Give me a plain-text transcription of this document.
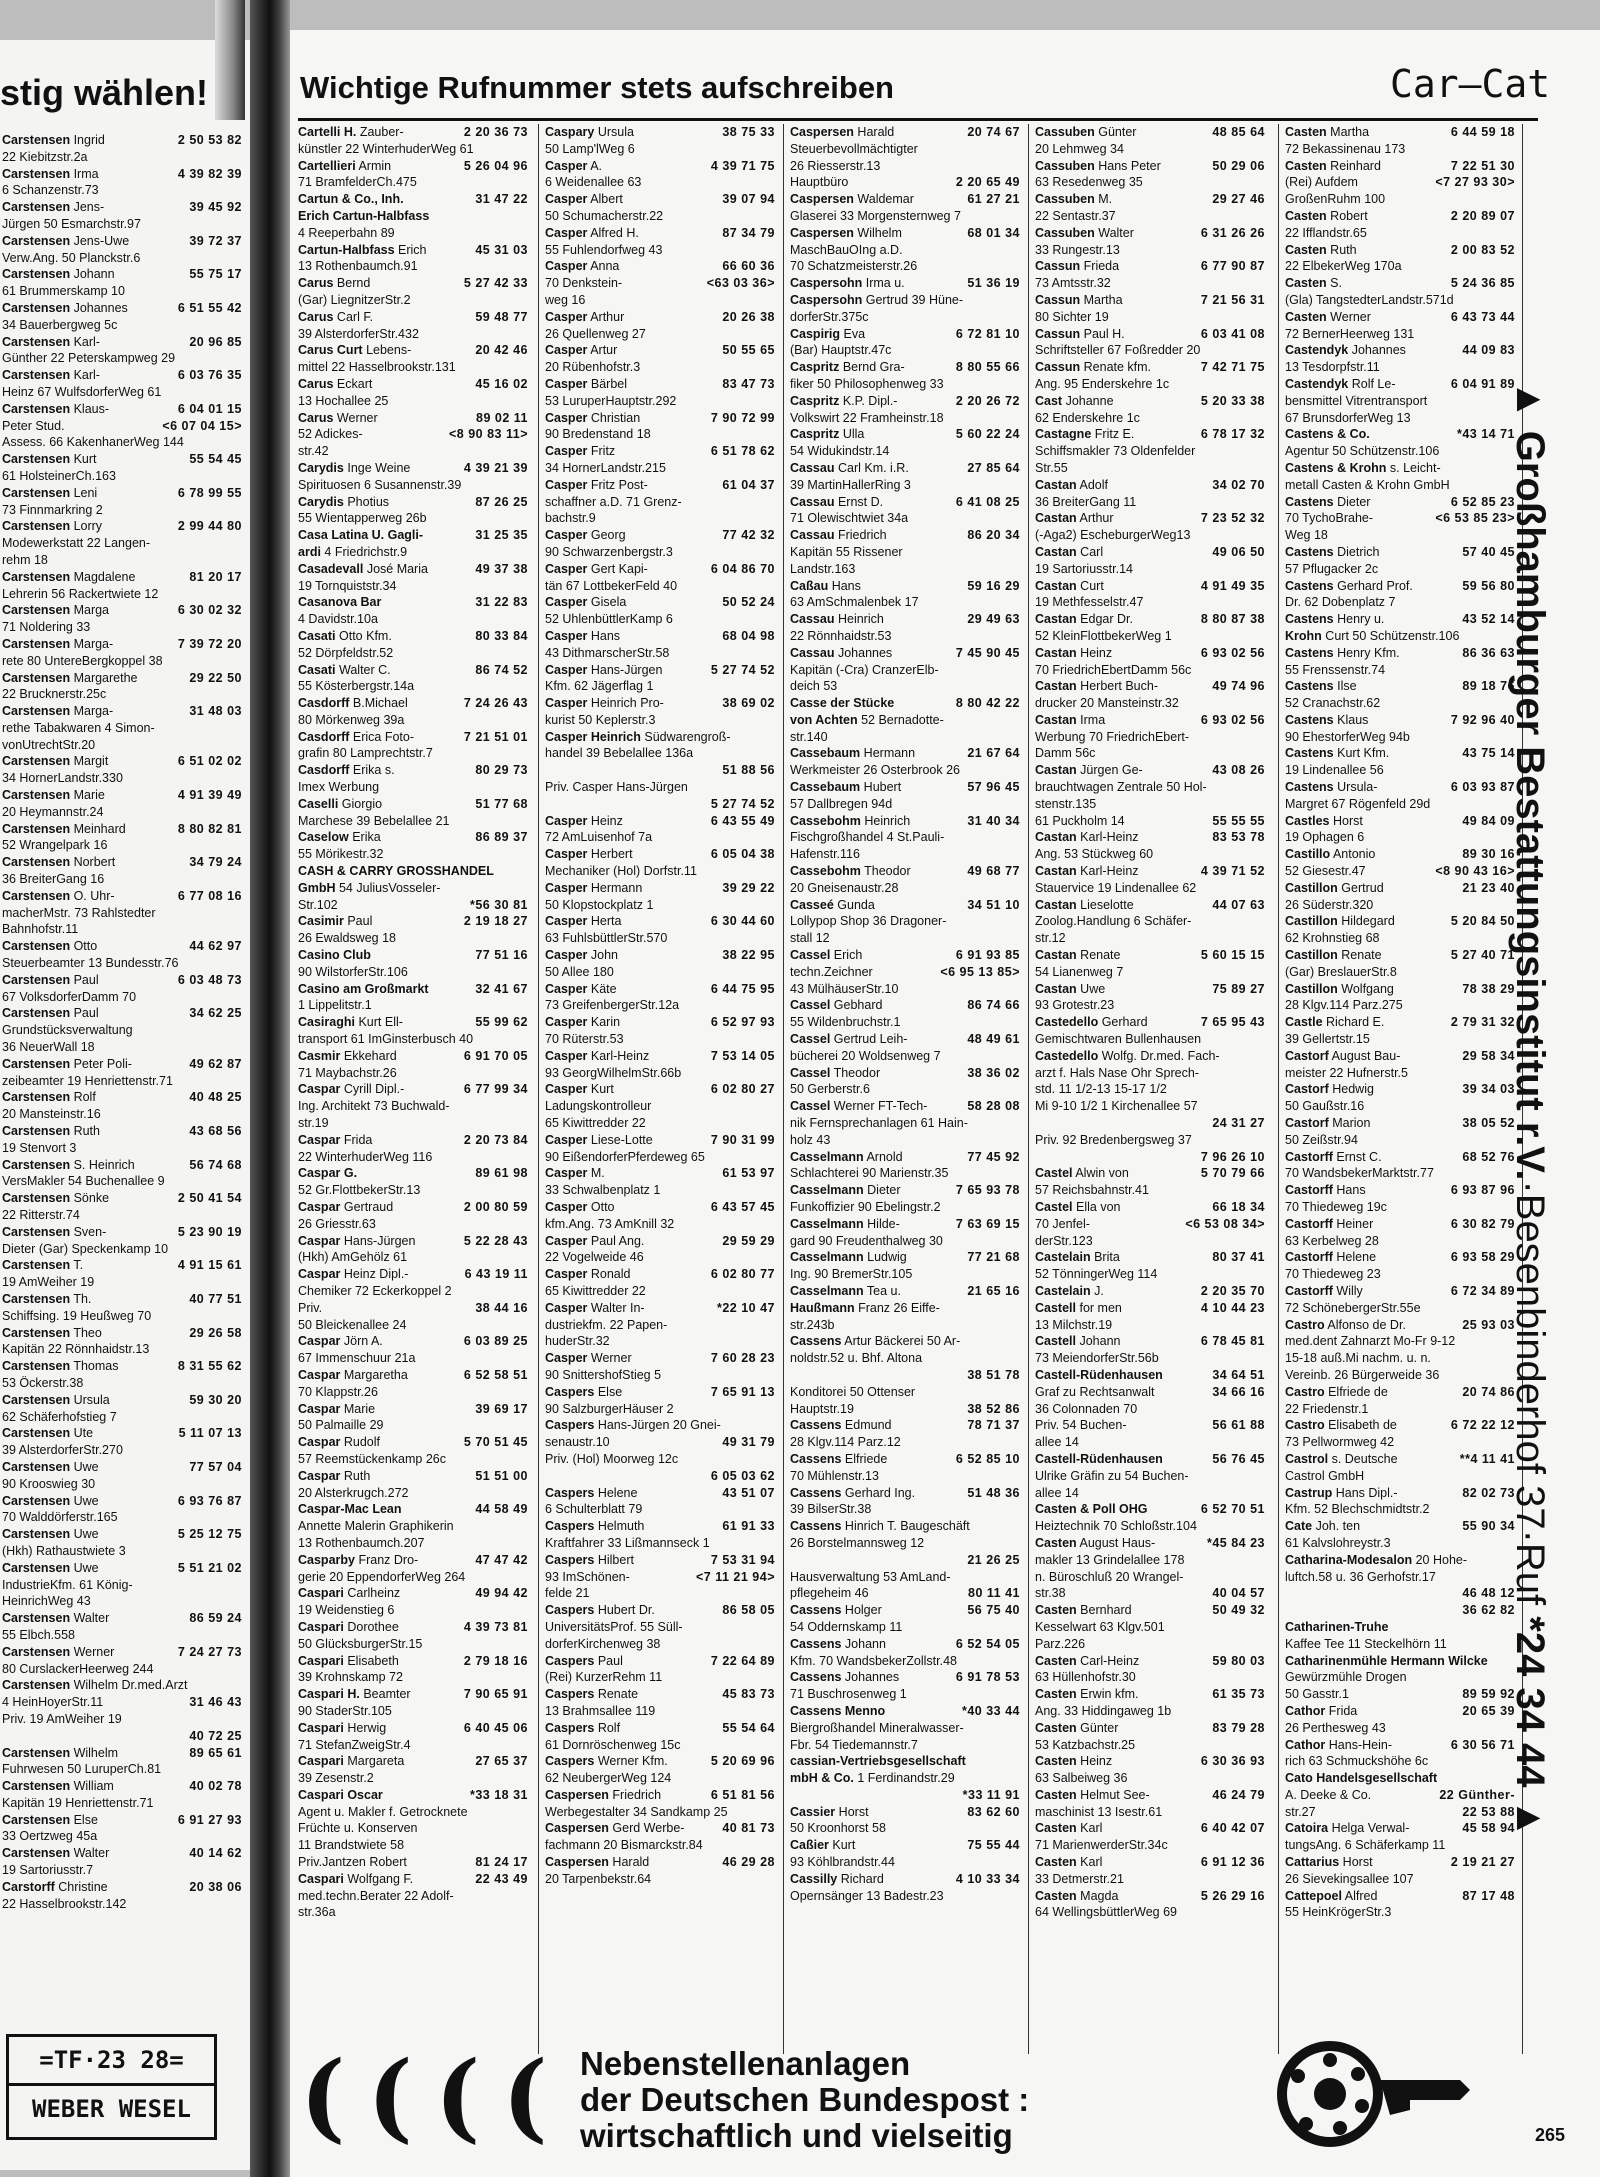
stig wählen!
Carstensen Ingrid	2 50 53 82
22 Kiebitzstr.2a
Carstensen Irma	4 39 82 39
6 Schanzenstr.73
Carstensen Jens-	39 45 92
Jürgen 50 Esmarchstr.97
Carstensen Jens-Uwe	39 72 37
Verw.Ang. 50 Planckstr.6
Carstensen Johann	55 75 17
61 Brummerskamp 10
Carstensen Johannes	6 51 55 42
34 Bauerbergweg 5c
Carstensen Karl-	20 96 85
Günther 22 Peterskampweg 29
Carstensen Karl-	6 03 76 35
Heinz 67 WulfsdorferWeg 61
Carstensen Klaus-	6 04 01 15
Peter Stud.	<6 07 04 15>
Assess. 66 KakenhanerWeg 144
Carstensen Kurt	55 54 45
61 HolsteinerCh.163
Carstensen Leni	6 78 99 55
73 Finnmarkring 2
Carstensen Lorry	2 99 44 80
Modewerkstatt 22 Langen-
rehm 18
Carstensen Magdalene	81 20 17
Lehrerin 56 Rackertwiete 12
Carstensen Marga	6 30 02 32
71 Noldering 33
Carstensen Marga-	7 39 72 20
rete 80 UntereBergkoppel 38
Carstensen Margarethe	29 22 50
22 Brucknerstr.25c
Carstensen Marga-	31 48 03
rethe Tabakwaren 4 Simon-
vonUtrechtStr.20
Carstensen Margit	6 51 02 02
34 HornerLandstr.330
Carstensen Marie	4 91 39 49
20 Heymannstr.24
Carstensen Meinhard	8 80 82 81
52 Wrangelpark 16
Carstensen Norbert	34 79 24
36 BreiterGang 16
Carstensen O. Uhr-	6 77 08 16
macherMstr. 73 Rahlstedter
Bahnhofstr.11
Carstensen Otto	44 62 97
Steuerbeamter 13 Bundesstr.76
Carstensen Paul	6 03 48 73
67 VolksdorferDamm 70
Carstensen Paul	34 62 25
Grundstücksverwaltung
36 NeuerWall 18
Carstensen Peter Poli-	49 62 87
zeibeamter 19 Henriettenstr.71
Carstensen Rolf	40 48 25
20 Mansteinstr.16
Carstensen Ruth	43 68 56
19 Stenvort 3
Carstensen S. Heinrich	56 74 68
VersMakler 54 Buchenallee 9
Carstensen Sönke	2 50 41 54
22 Ritterstr.74
Carstensen Sven-	5 23 90 19
Dieter (Gar) Speckenkamp 10
Carstensen T.	4 91 15 61
19 AmWeiher 19
Carstensen Th.	40 77 51
Schiffsing. 19 Heußweg 70
Carstensen Theo	29 26 58
Kapitän 22 Rönnhaidstr.13
Carstensen Thomas	8 31 55 62
53 Öckerstr.38
Carstensen Ursula	59 30 20
62 Schäferhofstieg 7
Carstensen Ute	5 11 07 13
39 AlsterdorferStr.270
Carstensen Uwe	77 57 04
90 Krooswieg 30
Carstensen Uwe	6 93 76 87
70 Walddörferstr.165
Carstensen Uwe	5 25 12 75
(Hkh) Rathaustwiete 3
Carstensen Uwe	5 51 21 02
IndustrieKfm. 61 König-
HeinrichWeg 43
Carstensen Walter	86 59 24
55 Elbch.558
Carstensen Werner	7 24 27 73
80 CurslackerHeerweg 244
Carstensen Wilhelm Dr.med.Arzt
4 HeinHoyerStr.11	31 46 43
Priv. 19 AmWeiher 19
40 72 25
Carstensen Wilhelm	89 65 61
Fuhrwesen 50 LuruperCh.81
Carstensen William	40 02 78
Kapitän 19 Henriettenstr.71
Carstensen Else	6 91 27 93
33 Oertzweg 45a
Carstensen Walter	40 14 62
19 Sartoriusstr.7
Carstorff Christine	20 38 06
22 Hasselbrookstr.142
=TF·23 28=
WEBER WESEL
Wichtige Rufnummer stets aufschreiben	Car–Cat
Cartelli H. Zauber-	2 20 36 73
künstler 22 WinterhuderWeg 61
Cartellieri Armin	5 26 04 96
71 BramfelderCh.475
Cartun & Co., Inh.	31 47 22
Erich Cartun-Halbfass
4 Reeperbahn 89
Cartun-Halbfass Erich	45 31 03
13 Rothenbaumch.91
Carus Bernd	5 27 42 33
(Gar) LiegnitzerStr.2
Carus Carl F.	59 48 77
39 AlsterdorferStr.432
Carus Curt Lebens-	20 42 46
mittel 22 Hasselbrookstr.131
Carus Eckart	45 16 02
13 Hochallee 25
Carus Werner	89 02 11
52 Adickes-	<8 90 83 11>
str.42
Carydis Inge Weine	4 39 21 39
Spirituosen 6 Susannenstr.39
Carydis Photius	87 26 25
55 Wientapperweg 26b
Casa Latina U. Gagli-	31 25 35
ardi 4 Friedrichstr.9
Casadevall José Maria	49 37 38
19 Tornquiststr.34
Casanova Bar	31 22 83
4 Davidstr.10a
Casati Otto Kfm.	80 33 84
52 Dörpfeldstr.52
Casati Walter C.	86 74 52
55 Kösterbergstr.14a
Casdorff B.Michael	7 24 26 43
80 Mörkenweg 39a
Casdorff Erica Foto-	7 21 51 01
grafin 80 Lamprechtstr.7
Casdorff Erika s.	80 29 73
Imex Werbung
Caselli Giorgio	51 77 68
Marchese 39 Bebelallee 21
Caselow Erika	86 89 37
55 Mörikestr.32
CASH & CARRY GROSSHANDEL
GmbH 54 JuliusVosseler-
Str.102	*56 30 81
Casimir Paul	2 19 18 27
26 Ewaldsweg 18
Casino Club	77 51 16
90 WilstorferStr.106
Casino am Großmarkt	32 41 67
1 Lippelitstr.1
Casiraghi Kurt Ell-	55 99 62
transport 61 ImGinsterbusch 40
Casmir Ekkehard	6 91 70 05
71 Maybachstr.26
Caspar Cyrill Dipl.-	6 77 99 34
Ing. Architekt 73 Buchwald-
str.19
Caspar Frida	2 20 73 84
22 WinterhuderWeg 116
Caspar G.	89 61 98
52 Gr.FlottbekerStr.13
Caspar Gertraud	2 00 80 59
26 Griesstr.63
Caspar Hans-Jürgen	5 22 28 43
(Hkh) AmGehölz 61
Caspar Heinz Dipl.-	6 43 19 11
Chemiker 72 Eckerkoppel 2
Priv.	38 44 16
50 Bleickenallee 24
Caspar Jörn A.	6 03 89 25
67 Immenschuur 21a
Caspar Margaretha	6 52 58 51
70 Klappstr.26
Caspar Marie	39 69 17
50 Palmaille 29
Caspar Rudolf	5 70 51 45
57 Reemstückenkamp 26c
Caspar Ruth	51 51 00
20 Alsterkrugch.272
Caspar-Mac Lean	44 58 49
Annette Malerin Graphikerin
13 Rothenbaumch.207
Casparby Franz Dro-	47 47 42
gerie 20 EppendorferWeg 264
Caspari Carlheinz	49 94 42
19 Weidenstieg 6
Caspari Dorothee	4 39 73 81
50 GlücksburgerStr.15
Caspari Elisabeth	2 79 18 16
39 Krohnskamp 72
Caspari H. Beamter	7 90 65 91
90 StaderStr.105
Caspari Herwig	6 40 45 06
71 StefanZweigStr.4
Caspari Margareta	27 65 37
39 Zesenstr.2
Caspari Oscar	*33 18 31
Agent u. Makler f. Getrocknete
Früchte u. Konserven
11 Brandstwiete 58
Priv.Jantzen Robert	81 24 17
Caspari Wolfgang F.	22 43 49
med.techn.Berater 22 Adolf-
str.36a
Caspary Ursula	38 75 33
50 Lamp'lWeg 6
Casper A.	4 39 71 75
6 Weidenallee 63
Casper Albert	39 07 94
50 Schumacherstr.22
Casper Alfred H.	87 34 79
55 Fuhlendorfweg 43
Casper Anna	66 60 36
70 Denkstein-	<63 03 36>
weg 16
Casper Arthur	20 26 38
26 Quellenweg 27
Casper Artur	50 55 65
20 Rübenhofstr.3
Casper Bärbel	83 47 73
53 LuruperHauptstr.292
Casper Christian	7 90 72 99
90 Bredenstand 18
Casper Fritz	6 51 78 62
34 HornerLandstr.215
Casper Fritz Post-	61 04 37
schaffner a.D. 71 Grenz-
bachstr.9
Casper Georg	77 42 32
90 Schwarzenbergstr.3
Casper Gert Kapi-	6 04 86 70
tän 67 LottbekerFeld 40
Casper Gisela	50 52 24
52 UhlenbüttlerKamp 6
Casper Hans	68 04 98
43 DithmarscherStr.58
Casper Hans-Jürgen	5 27 74 52
Kfm. 62 Jägerflag 1
Casper Heinrich Pro-	38 69 02
kurist 50 Keplerstr.3
Casper Heinrich Südwarengroß-
handel 39 Bebelallee 136a
51 88 56
Priv. Casper Hans-Jürgen
5 27 74 52
Casper Heinz	6 43 55 49
72 AmLuisenhof 7a
Casper Herbert	6 05 04 38
Mechaniker (Hol) Dorfstr.11
Casper Hermann	39 29 22
50 Klopstockplatz 1
Casper Herta	6 30 44 60
63 FuhlsbüttlerStr.570
Casper John	38 22 95
50 Allee 180
Casper Käte	6 44 75 95
73 GreifenbergerStr.12a
Casper Karin	6 52 97 93
70 Rüterstr.53
Casper Karl-Heinz	7 53 14 05
93 GeorgWilhelmStr.66b
Casper Kurt	6 02 80 27
Ladungskontrolleur
65 Kiwittredder 22
Casper Liese-Lotte	7 90 31 99
90 EißendorferPferdeweg 65
Casper M.	61 53 97
33 Schwalbenplatz 1
Casper Otto	6 43 57 45
kfm.Ang. 73 AmKnill 32
Casper Paul Ang.	29 59 29
22 Vogelweide 46
Casper Ronald	6 02 80 77
65 Kiwittredder 22
Casper Walter In-	*22 10 47
dustriekfm. 22 Papen-
huderStr.32
Casper Werner	7 60 28 23
90 SnittershofStieg 5
Caspers Else	7 65 91 13
90 SalzburgerHäuser 2
Caspers Hans-Jürgen 20 Gnei-
senaustr.10	49 31 79
Priv. (Hol) Moorweg 12c
6 05 03 62
Caspers Helene	43 51 07
6 Schulterblatt 79
Caspers Helmuth	61 91 33
Kraftfahrer 33 Lißmannseck 1
Caspers Hilbert	7 53 31 94
93 ImSchönen-	<7 11 21 94>
felde 21
Caspers Hubert Dr.	86 58 05
UniversitätsProf. 55 Süll-
dorferKirchenweg 38
Caspers Paul	7 22 64 89
(Rei) KurzerRehm 11
Caspers Renate	45 83 73
13 Brahmsallee 119
Caspers Rolf	55 54 64
61 Dornröschenweg 15c
Caspers Werner Kfm.	5 20 69 96
62 NeubergerWeg 124
Caspersen Friedrich	6 51 81 56
Werbegestalter 34 Sandkamp 25
Caspersen Gerd Werbe-	40 81 73
fachmann 20 Bismarckstr.84
Caspersen Harald	46 29 28
20 Tarpenbekstr.64
Caspersen Harald	20 74 67
Steuerbevollmächtigter
26 Riesserstr.13
Hauptbüro	2 20 65 49
Caspersen Waldemar	61 27 21
Glaserei 33 Morgensternweg 7
Caspersen Wilhelm	68 01 34
MaschBauOIng a.D.
70 Schatzmeisterstr.26
Caspersohn Irma u.	51 36 19
Caspersohn Gertrud 39 Hüne-
dorferStr.375c
Caspirig Eva	6 72 81 10
(Bar) Hauptstr.47c
Caspritz Bernd Gra-	8 80 55 66
fiker 50 Philosophenweg 33
Caspritz K.P. Dipl.-	2 20 26 72
Volkswirt 22 Framheinstr.18
Caspritz Ulla	5 60 22 24
54 Widukindstr.14
Cassau Carl Km. i.R.	27 85 64
39 MartinHallerRing 3
Cassau Ernst D.	6 41 08 25
71 Olewischtwiet 34a
Cassau Friedrich	86 20 34
Kapitän 55 Rissener
Landstr.163
Caßau Hans	59 16 29
63 AmSchmalenbek 17
Cassau Heinrich	29 49 63
22 Rönnhaidstr.53
Cassau Johannes	7 45 90 45
Kapitän (-Cra) CranzerElb-
deich 53
Casse der Stücke	8 80 42 22
von Achten 52 Bernadotte-
str.140
Cassebaum Hermann	21 67 64
Werkmeister 26 Osterbrook 26
Cassebaum Hubert	57 96 45
57 Dallbregen 94d
Cassebohm Heinrich	31 40 34
Fischgroßhandel 4 St.Pauli-
Hafenstr.116
Cassebohm Theodor	49 68 77
20 Gneisenaustr.28
Casseé Gunda	34 51 10
Lollypop Shop 36 Dragoner-
stall 12
Cassel Erich	6 91 93 85
techn.Zeichner	<6 95 13 85>
43 MülhäuserStr.10
Cassel Gebhard	86 74 66
55 Wildenbruchstr.1
Cassel Gertrud Leih-	48 49 61
bücherei 20 Woldsenweg 7
Cassel Theodor	38 36 02
50 Gerberstr.6
Cassel Werner FT-Tech-	58 28 08
nik Fernsprechanlagen 61 Hain-
holz 43
Casselmann Arnold	77 45 92
Schlachterei 90 Marienstr.35
Casselmann Dieter	7 65 93 78
Funkoffizier 90 Ebelingstr.2
Casselmann Hilde-	7 63 69 15
gard 90 Freudenthalweg 30
Casselmann Ludwig	77 21 68
Ing. 90 BremerStr.105
Casselmann Tea u.	21 65 16
Haußmann Franz 26 Eiffe-
str.243b
Cassens Artur Bäckerei 50 Ar-
noldstr.52 u. Bhf. Altona
38 51 78
Konditorei 50 Ottenser
Hauptstr.19	38 52 86
Cassens Edmund	78 71 37
28 Klgv.114 Parz.12
Cassens Elfriede	6 52 85 10
70 Mühlenstr.13
Cassens Gerhard Ing.	51 48 36
39 BilserStr.38
Cassens Hinrich T. Baugeschäft
26 Borstelmannsweg 12
21 26 25
Hausverwaltung 53 AmLand-
pflegeheim 46	80 11 41
Cassens Holger	56 75 40
54 Oddernskamp 11
Cassens Johann	6 52 54 05
Kfm. 70 WandsbekerZollstr.48
Cassens Johannes	6 91 78 53
71 Buschrosenweg 1
Cassens Menno	*40 33 44
Biergroßhandel Mineralwasser-
Fbr. 54 Tiedemannstr.7
cassian-Vertriebsgesellschaft
mbH & Co. 1 Ferdinandstr.29
*33 11 91
Cassier Horst	83 62 60
50 Kroonhorst 58
Caßier Kurt	75 55 44
93 Köhlbrandstr.44
Cassilly Richard	4 10 33 34
Opernsänger 13 Badestr.23
Cassuben Günter	48 85 64
20 Lehmweg 34
Cassuben Hans Peter	50 29 06
63 Resedenweg 35
Cassuben M.	29 27 46
22 Sentastr.37
Cassuben Walter	6 31 26 26
33 Rungestr.13
Cassun Frieda	6 77 90 87
73 Amtsstr.32
Cassun Martha	7 21 56 31
80 Sichter 19
Cassun Paul H.	6 03 41 08
Schriftsteller 67 Foßredder 20
Cassun Renate kfm.	7 42 71 75
Ang. 95 Enderskehre 1c
Cast Johanne	5 20 33 38
62 Enderskehre 1c
Castagne Fritz E.	6 78 17 32
Schiffsmakler 73 Oldenfelder
Str.55
Castan Adolf	34 02 70
36 BreiterGang 11
Castan Arthur	7 23 52 32
(-Aga2) EscheburgerWeg13
Castan Carl	49 06 50
19 Sartoriusstr.14
Castan Curt	4 91 49 35
19 Methfesselstr.47
Castan Edgar Dr.	8 80 87 38
52 KleinFlottbekerWeg 1
Castan Heinz	6 93 02 56
70 FriedrichEbertDamm 56c
Castan Herbert Buch-	49 74 96
drucker 20 Mansteinstr.32
Castan Irma	6 93 02 56
Werbung 70 FriedrichEbert-
Damm 56c
Castan Jürgen Ge-	43 08 26
brauchtwagen Zentrale 50 Hol-
stenstr.135
61 Puckholm 14	55 55 55
Castan Karl-Heinz	83 53 78
Ang. 53 Stückweg 60
Castan Karl-Heinz	4 39 71 52
Stauervice 19 Lindenallee 62
Castan Lieselotte	44 07 63
Zoolog.Handlung 6 Schäfer-
str.12
Castan Renate	5 60 15 15
54 Lianenweg 7
Castan Uwe	75 89 27
93 Grotestr.23
Castedello Gerhard	7 65 95 43
Gemischtwaren Bullenhausen
Castedello Wolfg. Dr.med. Fach-
arzt f. Hals Nase Ohr Sprech-
std. 11 1/2-13 15-17 1/2
Mi 9-10 1/2 1 Kirchenallee 57
24 31 27
Priv. 92 Bredenbergsweg 37
7 96 26 10
Castel Alwin von	5 70 79 66
57 Reichsbahnstr.41
Castel Ella von	66 18 34
70 Jenfel-	<6 53 08 34>
derStr.123
Castelain Brita	80 37 41
52 TönningerWeg 114
Castelain J.	2 20 35 70
Castell for men	4 10 44 23
13 Milchstr.19
Castell Johann	6 78 45 81
73 MeiendorferStr.56b
Castell-Rüdenhausen	34 64 51
Graf zu Rechtsanwalt	34 66 16
36 Colonnaden 70
Priv. 54 Buchen-	56 61 88
allee 14
Castell-Rüdenhausen	56 76 45
Ulrike Gräfin zu 54 Buchen-
allee 14
Casten & Poll OHG	6 52 70 51
Heiztechnik 70 Schloßstr.104
Casten August Haus-	*45 84 23
makler 13 Grindelallee 178
n. Büroschluß 20 Wrangel-
str.38	40 04 57
Casten Bernhard	50 49 32
Kesselwart 63 Klgv.501
Parz.226
Casten Carl-Heinz	59 80 03
63 Hüllenhofstr.30
Casten Erwin kfm.	61 35 73
Ang. 33 Hiddingaweg 1b
Casten Günter	83 79 28
53 Katzbachstr.25
Casten Heinz	6 30 36 93
63 Salbeiweg 36
Casten Helmut See-	46 24 79
maschinist 13 Isestr.61
Casten Karl	6 40 42 07
71 MarienwerderStr.34c
Casten Karl	6 91 12 36
33 Detmerstr.21
Casten Magda	5 26 29 16
64 WellingsbüttlerWeg 69
Casten Martha	6 44 59 18
72 Bekassinenau 173
Casten Reinhard	7 22 51 30
(Rei) Aufdem	<7 27 93 30>
GroßenRuhm 100
Casten Robert	2 20 89 07
22 Ifflandstr.65
Casten Ruth	2 00 83 52
22 ElbekerWeg 170a
Casten S.	5 24 36 85
(Gla) TangstedterLandstr.571d
Casten Werner	6 43 73 44
72 BernerHeerweg 131
Castendyk Johannes	44 09 83
13 Tesdorpfstr.11
Castendyk Rolf Le-	6 04 91 89
bensmittel Vitrentransport
67 BrunsdorferWeg 13
Castens & Co.	*43 14 71
Agentur 50 Schützenstr.106
Castens & Krohn s. Leicht-
metall Casten & Krohn GmbH
Castens Dieter	6 52 85 23
70 TychoBrahe-	<6 53 85 23>
Weg 18
Castens Dietrich	57 40 45
57 Pflugacker 2c
Castens Gerhard Prof.	59 56 80
Dr. 62 Dobenplatz 7
Castens Henry u.	43 52 14
Krohn Curt 50 Schützenstr.106
Castens Henry Kfm.	86 36 63
55 Frenssenstr.74
Castens Ilse	89 18 76
52 Cranachstr.62
Castens Klaus	7 92 96 40
90 EhestorferWeg 94b
Castens Kurt Kfm.	43 75 14
19 Lindenallee 56
Castens Ursula-	6 03 93 87
Margret 67 Rögenfeld 29d
Castles Horst	49 84 09
19 Ophagen 6
Castillo Antonio	89 30 16
52 Giesestr.47	<8 90 43 16>
Castillon Gertrud	21 23 40
26 Süderstr.320
Castillon Hildegard	5 20 84 50
62 Krohnstieg 68
Castillon Renate	5 27 40 71
(Gar) BreslauerStr.8
Castillon Wolfgang	78 38 29
28 Klgv.114 Parz.275
Castle Richard E.	2 79 31 32
39 Gellertstr.15
Castorf August Bau-	29 58 34
meister 22 Hufnerstr.5
Castorf Hedwig	39 34 03
50 Gaußstr.16
Castorf Marion	38 05 52
50 Zeißstr.94
Castorff Ernst C.	68 52 76
70 WandsbekerMarktstr.77
Castorff Hans	6 93 87 96
70 Thiedeweg 19c
Castorff Heiner	6 30 82 79
63 Kerbelweg 28
Castorff Helene	6 93 58 29
70 Thiedeweg 23
Castorff Willy	6 72 34 89
72 SchönebergerStr.55e
Castro Alfonso de Dr.	25 93 03
med.dent Zahnarzt Mo-Fr 9-12
15-18 auß.Mi nachm. u. n.
Vereinb. 26 Bürgerweide 36
Castro Elfriede de	20 74 86
22 Friedenstr.1
Castro Elisabeth de	6 72 22 12
73 Pellwormweg 42
Castrol s. Deutsche	**4 11 41
Castrol GmbH
Castrup Hans Dipl.-	82 02 73
Kfm. 52 Blechschmidtstr.2
Cate Joh. ten	55 90 34
61 Kalvslohreystr.3
Catharina-Modesalon 20 Hohe-
luftch.58 u. 36 Gerhofstr.17
46 48 12
36 62 82
Catharinen-Truhe
Kaffee Tee 11 Steckelhörn 11
Catharinenmühle Hermann Wilcke
Gewürzmühle Drogen
50 Gasstr.1	89 59 92
Cathor Frida	20 65 39
26 Perthesweg 43
Cathor Hans-Hein-	6 30 56 71
rich 63 Schmuckshöhe 6c
Cato Handelsgesellschaft
A. Deeke & Co.	22 Günther-
str.27	22 53 88
Catoira Helga Verwal-	45 58 94
tungsAng. 6 Schäferkamp 11
Cattarius Horst	2 19 21 27
26 Sievekingsallee 107
Cattepoel Alfred	87 17 48
55 HeinKrögerStr.3
▲ Großhamburger Bestattungsinstitut r.V.·Besenbinderhof 37·Ruf *24 34 44 ▲
(((( Nebenstellenanlagen
der Deutschen Bundespost :
wirtschaftlich und vielseitig	265
